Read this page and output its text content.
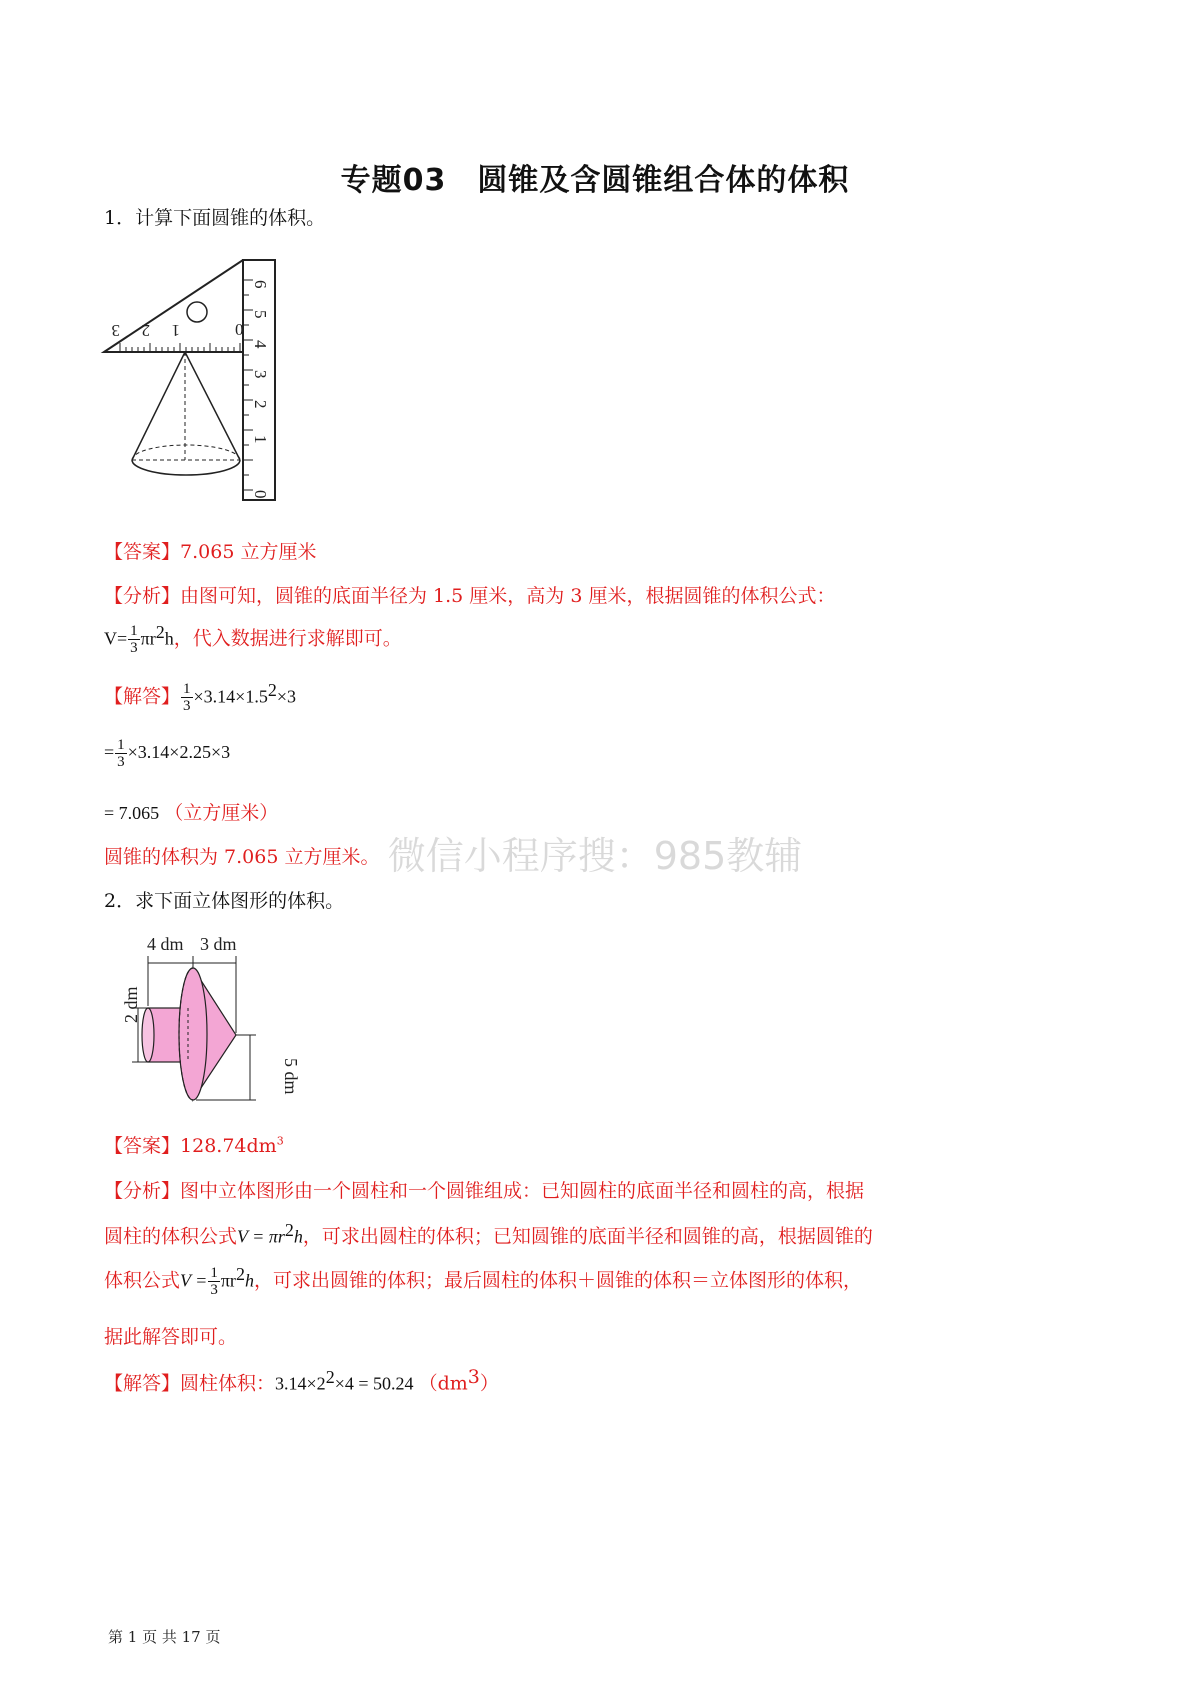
专题03　圆锥及含圆锥组合体的体积
1．计算下面圆锥的体积。
3 2 1	0
6
5
4
3
2
1
0
【答案】7.065 立方厘米
【分析】由图可知，圆锥的底面半径为 1.5 厘米，高为 3 厘米，根据圆锥的体积公式：
$V= \frac{1}{3} \pi r^2h$，代入数据进行求解即可。
【解答】 $\frac{1}{3} \times 3.14\times 1.5^2\times 3$
= $\frac{1}{3} \times 3.14\times 2.25\times 3$
= 7.065 （立方厘米）
圆锥的体积为 7.065 立方厘米。 微信小程序搜：985教辅
2．求下面立体图形的体积。
4 dm 3 dm
2 dm
5 dm
【答案】$128.74dm^3$
【分析】图中立体图形由一个圆柱和一个圆锥组成：已知圆柱的底面半径和圆柱的高，根据
圆柱的体积公式$V = \pi r^2h$，可求出圆柱的体积；已知圆锥的底面半径和圆锥的高，根据圆锥的
体积公式$V = \frac{1}{3} \pi r^2h$，可求出圆锥的体积；最后圆柱的体积＋圆锥的体积＝立体图形的体积，
据此解答即可。
【解答】圆柱体积：$3.14\times 2^2\times 4 = 50.24$ $(dm^3)$
第 1 页 共 17 页
